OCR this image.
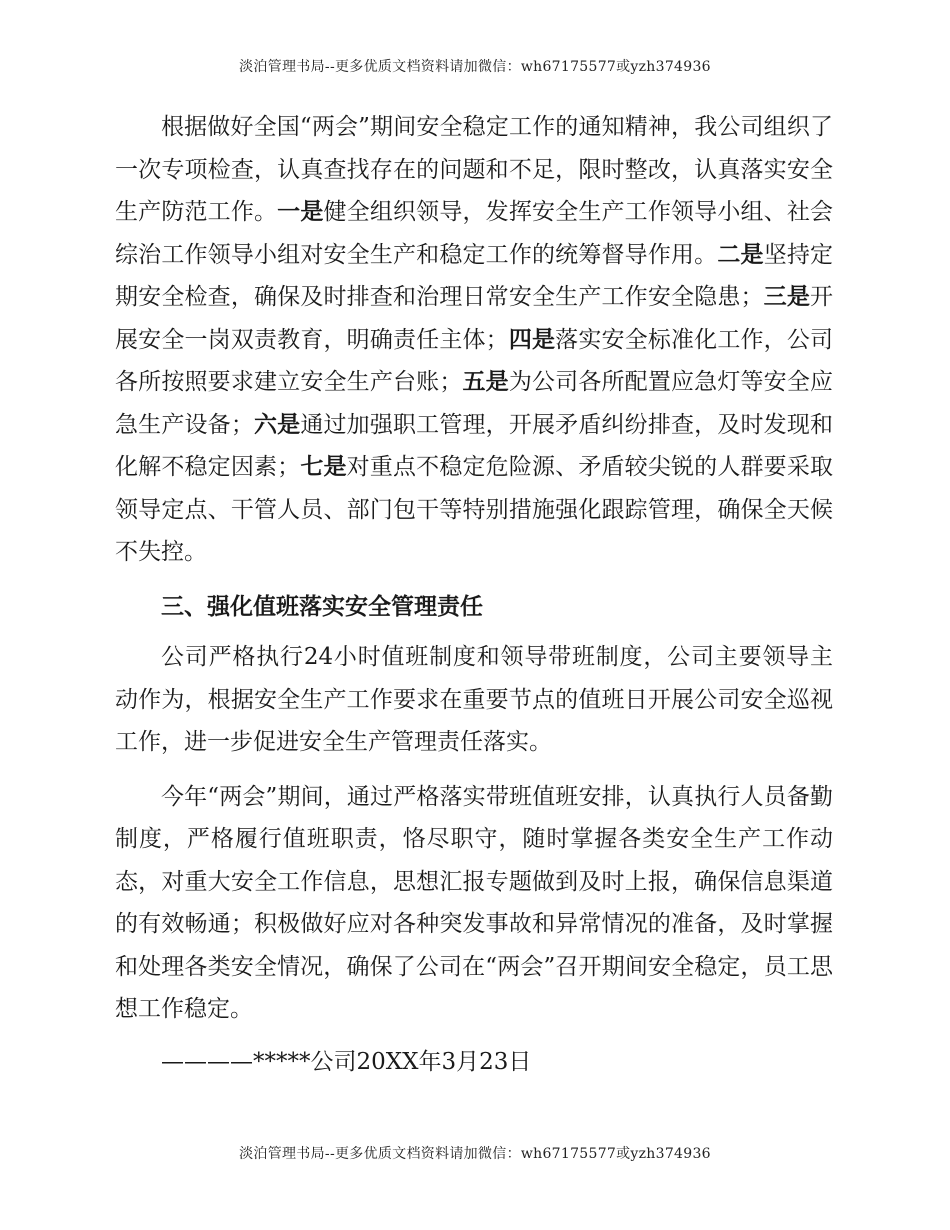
淡泊管理书局--更多优质文档资料请加微信：wh67175577或yzh374936

根据做好全国“两会”期间安全稳定工作的通知精神，我公司组织了一次专项检查，认真查找存在的问题和不足，限时整改，认真落实安全生产防范工作。一是健全组织领导，发挥安全生产工作领导小组、社会综治工作领导小组对安全生产和稳定工作的统筹督导作用。二是坚持定期安全检查，确保及时排查和治理日常安全生产工作安全隐患；三是开展安全一岗双责教育，明确责任主体；四是落实安全标准化工作，公司各所按照要求建立安全生产台账；五是为公司各所配置应急灯等安全应急生产设备；六是通过加强职工管理，开展矛盾纠纷排查，及时发现和化解不稳定因素；七是对重点不稳定危险源、矛盾较尖锐的人群要采取领导定点、干管人员、部门包干等特别措施强化跟踪管理，确保全天候不失控。

三、强化值班落实安全管理责任

公司严格执行24小时值班制度和领导带班制度，公司主要领导主动作为，根据安全生产工作要求在重要节点的值班日开展公司安全巡视工作，进一步促进安全生产管理责任落实。

今年“两会”期间，通过严格落实带班值班安排，认真执行人员备勤制度，严格履行值班职责，恪尽职守，随时掌握各类安全生产工作动态，对重大安全工作信息，思想汇报专题做到及时上报，确保信息渠道的有效畅通；积极做好应对各种突发事故和异常情况的准备，及时掌握和处理各类安全情况，确保了公司在“两会”召开期间安全稳定，员工思想工作稳定。

————*****公司20XX年3月23日

淡泊管理书局--更多优质文档资料请加微信：wh67175577或yzh374936
